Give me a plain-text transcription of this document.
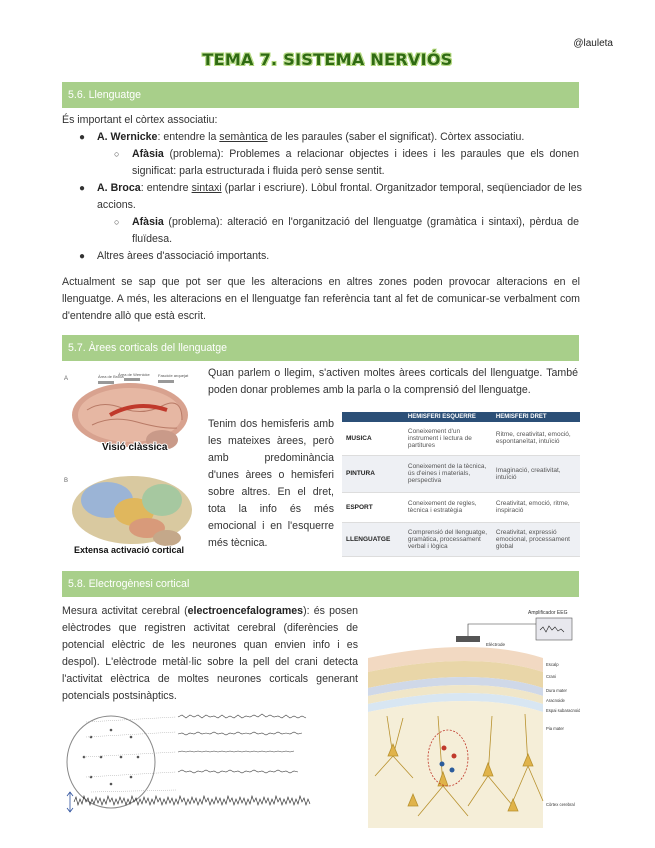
@lauleta
TEMA 7. SISTEMA NERVIÓS
5.6. Llenguatge
És important el còrtex associatiu:
● A. Wernicke: entendre la semàntica de les paraules (saber el significat). Còrtex associatiu.
○ Afàsia (problema): Problemes a relacionar objectes i idees i les paraules que els donen significat: parla estructurada i fluida però sense sentit.
● A. Broca: entendre sintaxi (parlar i escriure). Lòbul frontal. Organitzador temporal, seqüenciador de les accions.
○ Afàsia (problema): alteració en l'organització del llenguatge (gramàtica i sintaxi), pèrdua de fluïdesa.
● Altres àrees d'associació importants.
Actualment se sap que pot ser que les alteracions en altres zones poden provocar alteracions en el llenguatge. A més, les alteracions en el llenguatge fan referència tant al fet de comunicar-se verbalment com d'entendre allò que està escrit.
5.7. Àrees corticals del llenguatge
A	Àrea de Broca
Àrea de Wernicke Fascicle arquejat
Visió clàssica
B
Extensa activació cortical
Quan parlem o llegim, s'activen moltes àrees corticals del llenguatge. També poden donar problemes amb la parla o la comprensió del llenguatge.
Tenim dos hemisferis amb les mateixes àrees, però amb predominància d'unes àrees o hemisferi sobre altres. En el dret, tota la info és més emocional i en l'esquerre més tècnica.
	HEMISFERI ESQUERRE	HEMISFERI DRET
MUSICA	Coneixement d'un instrument i lectura de partitures	Ritme, creativitat, emoció, espontaneïtat, intuïció
PINTURA	Coneixement de la tècnica, ús d'eines i materials, perspectiva	Imaginació, creativitat, intuïció
ESPORT	Coneixement de regles, tècnica i estratègia	Creativitat, emoció, ritme, inspiració
LLENGUATGE	Comprensió del llenguatge, gramàtica, processament verbal i lògica	Creativitat, expressió emocional, processament global
5.8. Electrogènesi cortical
Mesura activitat cerebral (electroencefalogrames): és posen elèctrodes que registren activitat cerebral (diferències de potencial elèctric de les neurones quan envien info i es despol). L'elèctrode metàl·lic sobre la pell del crani detecta l'activitat elèctrica de moltes neurones corticals generant potencials postsinàptics.
Amplificador EEG
Elèctrode
Escalp
Crani
Dura mater
Aracnoide
Espai subaracnoide
Pia mater
Còrtex cerebral
